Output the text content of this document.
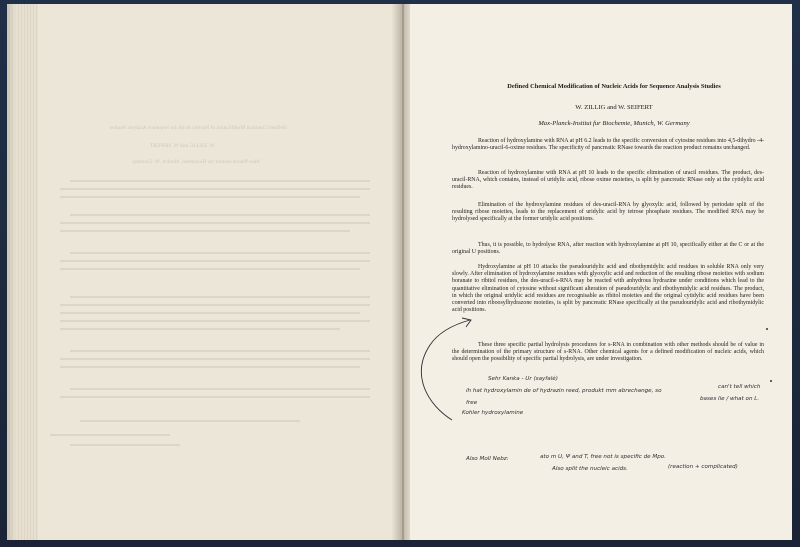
Defined Chemical Modification of Nucleic Acids for Sequence Analysis Studies
W. ZILLIG and W. SEIFERT
Max-Planck-Institut fur Biochemie, Munich, W. Germany
Defined Chemical Modification of Nucleic Acids for Sequence Analysis Studies
W. ZILLIG and W. SEIFERT
Max-Planck-Institut fur Biochemie, Munich, W. Germany

Reaction of hydroxylamine with RNA at pH 6.2 leads to the specific conversion of cytosine residues into 4,5-dihydro -4-hydroxylamino-uracil-6-oxime residues. The specificity of pancreatic RNase towards the reaction product remains unchanged.

Reaction of hydroxylamine with RNA at pH 10 leads to the specific elimination of uracil residues. The product, des-uracil-RNA, which contains, instead of uridylic acid, ribose oxime moieties, is split by pancreatic RNase only at the cytidylic acid residues.

Elimination of the hydroxylamine residues of des-uracil-RNA by glyoxylic acid, followed by periodate split of the resulting ribose moieties, leads to the replacement of uridylic acid by tetrose phosphate residues. The modified RNA may be hydrolysed specifically at the former uridylic acid positions.

Thus, it is possible, to hydrolyse RNA, after reaction with hydroxylamine at pH 10, specifically either at the C or at the original U positions.

Hydroxylamine at pH 10 attacks the pseudouridylic acid and ribothymidylic acid residues in soluble RNA only very slowly. After elimination of hydroxylamine residues with glyoxylic acid and reduction of the resulting ribose moieties with sodium boranate to ribitol residues, the des-uracil-s-RNA may be reacted with anhydrous hydrazine under conditions which lead to the quantitative elimination of cytosine without significant alteration of pseudouridylic and ribothymidylic acid residues. The product, in which the original uridylic acid residues are recognisable as ribitol moieties and the original cytidylic acid residues have been converted into riboosylhydrazone moieties, is split by pancreatic RNase specifically at the pseudouridylic acid and ribothymidylic acid positions.

These three specific partial hydrolysis procedures for s-RNA in combination with other methods should be of value in the determination of the primary structure of s-RNA. Other chemical agents for a defined modification of nucleic acids, which should open the possibility of specific partial hydrolysis, are under investigation.

Sehr Kanka - Ur (sayfalé)
ih hat hydroxylamin de of hydrazin reed, produkt mm abrechange, so
can't tell which
bases lie / what on L.
free
Kohler hydroxylamine
Also Moll Nebz:	ato m U, Ψ and T, free not is specific de Mpo.
Also split the nucleic acids.	(reaction + complicated)
